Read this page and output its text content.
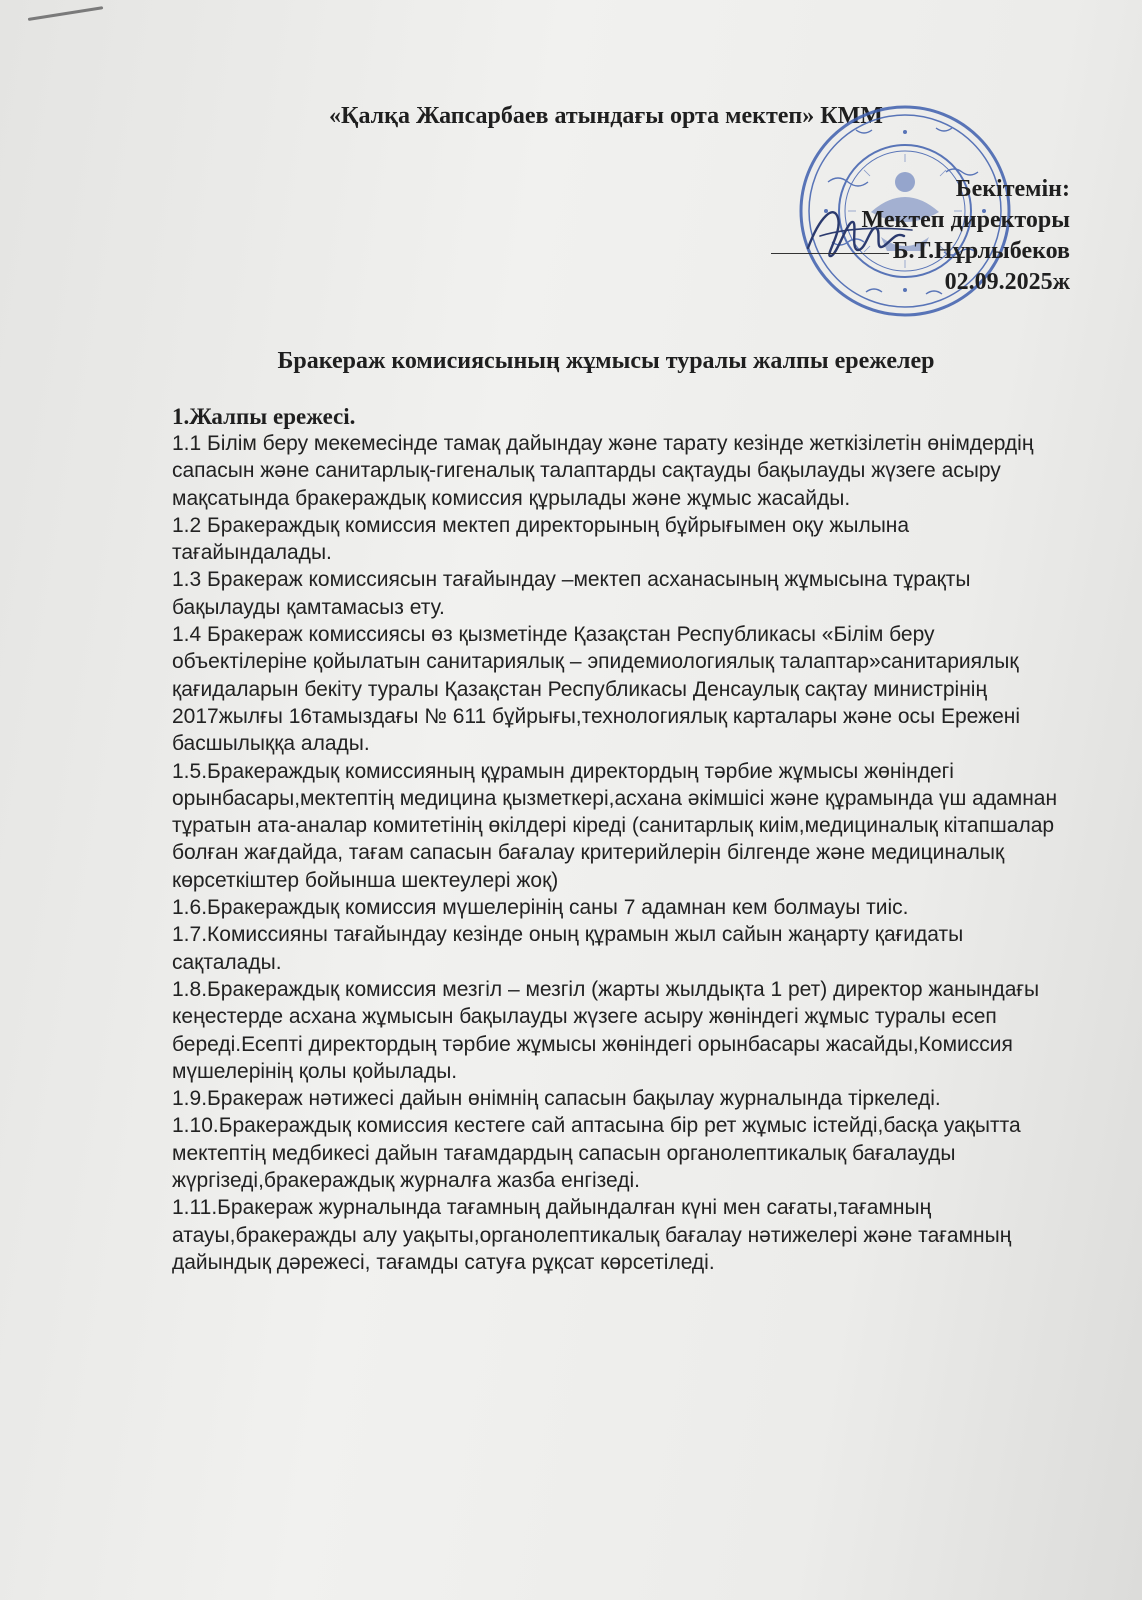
«Қалқа Жапсарбаев атындағы орта мектеп» КММ
Бекітемін:
Мектеп директоры
Б.Т.Нұрлыбеков
02.09.2025ж
Бракераж комисиясының жұмысы туралы жалпы ережелер
1.Жалпы ережесі.

1.1 Білім беру мекемесінде тамақ дайындау және тарату кезінде жеткізілетін өнімдердің сапасын және санитарлық-гигеналық талаптарды сақтауды бақылауды жүзеге асыру мақсатында бракераждық комиссия құрылады және жұмыс жасайды.

1.2 Бракераждық комиссия мектеп директорының бұйрығымен оқу жылына тағайындалады.

1.3 Бракераж комиссиясын тағайындау –мектеп асханасының жұмысына тұрақты бақылауды қамтамасыз ету.

1.4 Бракераж комиссиясы өз қызметінде Қазақстан Республикасы «Білім беру объектілеріне қойылатын санитариялық – эпидемиологиялық талаптар»санитариялық қағидаларын бекіту туралы Қазақстан Республикасы Денсаулық сақтау министрінің 2017жылғы 16тамыздағы № 611 бұйрығы,технологиялық карталары және осы Ережені басшылыққа алады.

1.5.Бракераждық комиссияның құрамын директордың тәрбие жұмысы жөніндегі орынбасары,мектептің медицина қызметкері,асхана әкімшісі және құрамында үш адамнан тұратын ата-аналар комитетінің өкілдері кіреді (санитарлық киім,медициналық кітапшалар болған жағдайда, тағам сапасын бағалау критерийлерін білгенде және медициналық көрсеткіштер бойынша шектеулері жоқ)

1.6.Бракераждық комиссия мүшелерінің саны 7 адамнан кем болмауы тиіс.

1.7.Комиссияны тағайындау кезінде оның құрамын жыл сайын жаңарту қағидаты сақталады.

1.8.Бракераждық комиссия мезгіл – мезгіл (жарты жылдықта 1 рет) директор жанындағы кеңестерде асхана жұмысын бақылауды жүзеге асыру жөніндегі жұмыс туралы есеп береді.Есепті директордың тәрбие жұмысы жөніндегі орынбасары жасайды,Комиссия мүшелерінің қолы қойылады.

1.9.Бракераж нәтижесі дайын өнімнің сапасын бақылау журналында тіркеледі.

1.10.Бракераждық комиссия кестеге сай аптасына бір рет жұмыс істейді,басқа уақытта мектептің медбикесі дайын тағамдардың сапасын органолептикалық бағалауды жүргізеді,бракераждық журналға жазба енгізеді.

1.11.Бракераж журналында тағамның дайындалған күні мен сағаты,тағамның атауы,бракеражды алу уақыты,органолептикалық бағалау нәтижелері және тағамның дайындық дәрежесі, тағамды сатуға рұқсат көрсетіледі.
